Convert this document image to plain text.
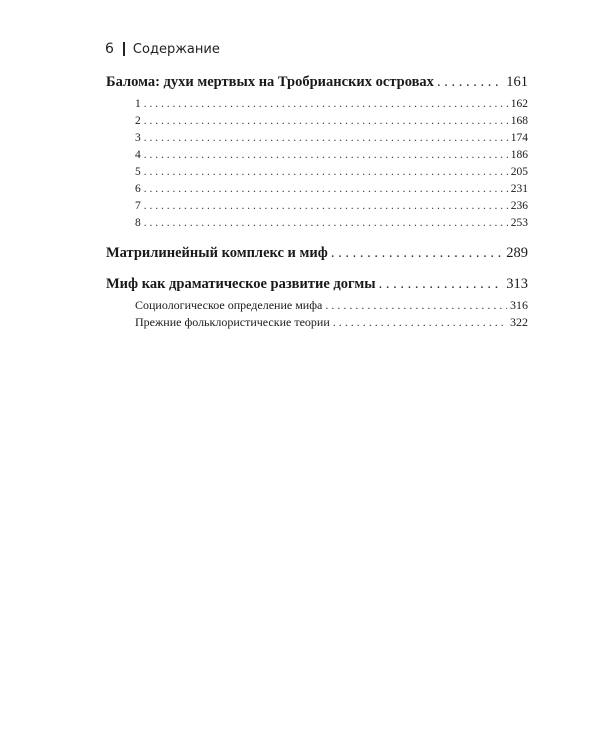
6 Содержание
Балома: духи мертвых на Тробрианских островах . . .	161
1 . . .	162
2 . . .	168
3 . . .	174
4 . . .	186
5 . . .	205
6 . . .	231
7 . . .	236
8 . . .	253
Матрилинейный комплекс и миф . . .	289
Миф как драматическое развитие догмы . . .	313
Социологическое определение мифа . . .	316
Прежние фольклористические теории . . .	322
